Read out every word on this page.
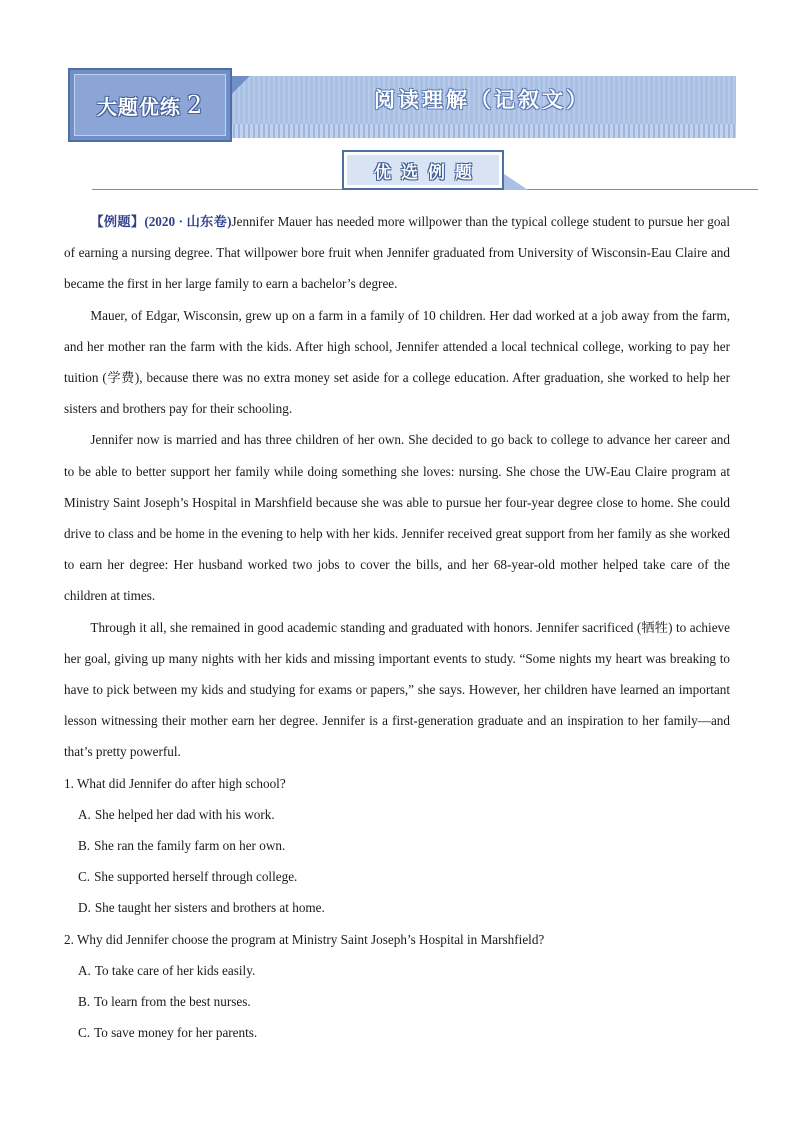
阅读理解（记叙文）
大题优练 2
优选例题

【例题】(2020 · 山东卷)Jennifer Mauer has needed more willpower than the typical college student to pursue her goal of earning a nursing degree. That willpower bore fruit when Jennifer graduated from University of Wisconsin-Eau Claire and became the first in her large family to earn a bachelor’s degree.

Mauer, of Edgar, Wisconsin, grew up on a farm in a family of 10 children. Her dad worked at a job away from the farm, and her mother ran the farm with the kids. After high school, Jennifer attended a local technical college, working to pay her tuition (学费), because there was no extra money set aside for a college education. After graduation, she worked to help her sisters and brothers pay for their schooling.

Jennifer now is married and has three children of her own. She decided to go back to college to advance her career and to be able to better support her family while doing something she loves: nursing. She chose the UW-Eau Claire program at Ministry Saint Joseph’s Hospital in Marshfield because she was able to pursue her four-year degree close to home. She could drive to class and be home in the evening to help with her kids. Jennifer received great support from her family as she worked to earn her degree: Her husband worked two jobs to cover the bills, and her 68-year-old mother helped take care of the children at times.

Through it all, she remained in good academic standing and graduated with honors. Jennifer sacrificed (牺牲) to achieve her goal, giving up many nights with her kids and missing important events to study. “Some nights my heart was breaking to have to pick between my kids and studying for exams or papers,” she says. However, her children have learned an important lesson witnessing their mother earn her degree. Jennifer is a first-generation graduate and an inspiration to her family—and that’s pretty powerful.

1. What did Jennifer do after high school?

A. She helped her dad with his work.

B. She ran the family farm on her own.

C. She supported herself through college.

D. She taught her sisters and brothers at home.

2. Why did Jennifer choose the program at Ministry Saint Joseph’s Hospital in Marshfield?

A. To take care of her kids easily.

B. To learn from the best nurses.

C. To save money for her parents.
